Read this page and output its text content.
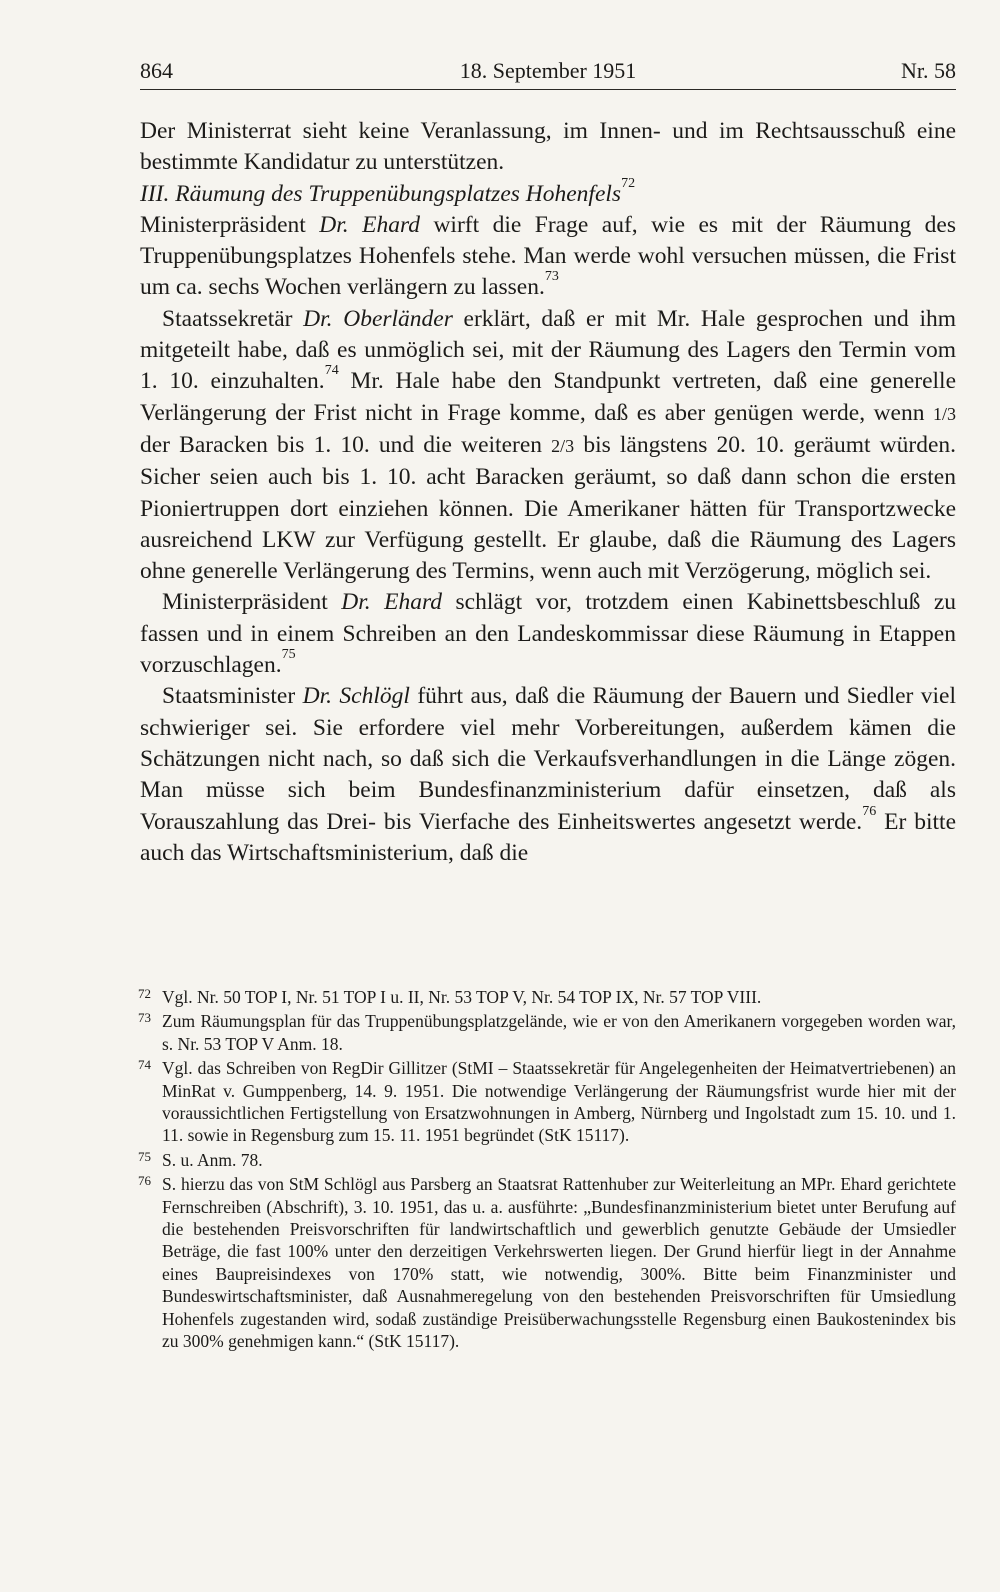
864	18. September 1951	Nr. 58

Der Ministerrat sieht keine Veranlassung, im Innen- und im Rechtsausschuß eine bestimmte Kandidatur zu unterstützen.

III. Räumung des Truppenübungsplatzes Hohenfels$^{72}$

Ministerpräsident Dr. Ehard wirft die Frage auf, wie es mit der Räumung des Truppenübungsplatzes Hohenfels stehe. Man werde wohl versuchen müssen, die Frist um ca. sechs Wochen verlängern zu lassen.$^{73}$

Staatssekretär Dr. Oberländer erklärt, daß er mit Mr. Hale gesprochen und ihm mitgeteilt habe, daß es unmöglich sei, mit der Räumung des Lagers den Termin vom 1. 10. einzuhalten.$^{74}$ Mr. Hale habe den Standpunkt vertreten, daß eine generelle Verlängerung der Frist nicht in Frage komme, daß es aber genügen werde, wenn 1/3 der Baracken bis 1. 10. und die weiteren 2/3 bis längstens 20. 10. geräumt würden. Sicher seien auch bis 1. 10. acht Baracken geräumt, so daß dann schon die ersten Pioniertruppen dort einziehen können. Die Amerikaner hätten für Transportzwecke ausreichend LKW zur Verfügung gestellt. Er glaube, daß die Räumung des Lagers ohne generelle Verlängerung des Termins, wenn auch mit Verzögerung, möglich sei.

Ministerpräsident Dr. Ehard schlägt vor, trotzdem einen Kabinettsbeschluß zu fassen und in einem Schreiben an den Landeskommissar diese Räumung in Etappen vorzuschlagen.$^{75}$

Staatsminister Dr. Schlögl führt aus, daß die Räumung der Bauern und Siedler viel schwieriger sei. Sie erfordere viel mehr Vorbereitungen, außerdem kämen die Schätzungen nicht nach, so daß sich die Verkaufsverhandlungen in die Länge zögen. Man müsse sich beim Bundesfinanzministerium dafür einsetzen, daß als Vorauszahlung das Drei- bis Vierfache des Einheitswertes angesetzt werde.$^{76}$ Er bitte auch das Wirtschaftsministerium, daß die

72 Vgl. Nr. 50 TOP I, Nr. 51 TOP I u. II, Nr. 53 TOP V, Nr. 54 TOP IX, Nr. 57 TOP VIII.
73 Zum Räumungsplan für das Truppenübungsplatzgelände, wie er von den Amerikanern vorgegeben worden war, s. Nr. 53 TOP V Anm. 18.
74 Vgl. das Schreiben von RegDir Gillitzer (StMI – Staatssekretär für Angelegenheiten der Heimatvertriebenen) an MinRat v. Gumppenberg, 14. 9. 1951. Die notwendige Verlängerung der Räumungsfrist wurde hier mit der voraussichtlichen Fertigstellung von Ersatzwohnungen in Amberg, Nürnberg und Ingolstadt zum 15. 10. und 1. 11. sowie in Regensburg zum 15. 11. 1951 begründet (StK 15117).
75 S. u. Anm. 78.
76 S. hierzu das von StM Schlögl aus Parsberg an Staatsrat Rattenhuber zur Weiterleitung an MPr. Ehard gerichtete Fernschreiben (Abschrift), 3. 10. 1951, das u. a. ausführte: „Bundesfinanzministerium bietet unter Berufung auf die bestehenden Preisvorschriften für landwirtschaftlich und gewerblich genutzte Gebäude der Umsiedler Beträge, die fast 100% unter den derzeitigen Verkehrswerten liegen. Der Grund hierfür liegt in der Annahme eines Baupreisindexes von 170% statt, wie notwendig, 300%. Bitte beim Finanzminister und Bundeswirtschaftsminister, daß Ausnahmeregelung von den bestehenden Preisvorschriften für Umsiedlung Hohenfels zugestanden wird, sodaß zuständige Preisüberwachungsstelle Regensburg einen Baukostenindex bis zu 300% genehmigen kann.“ (StK 15117).
